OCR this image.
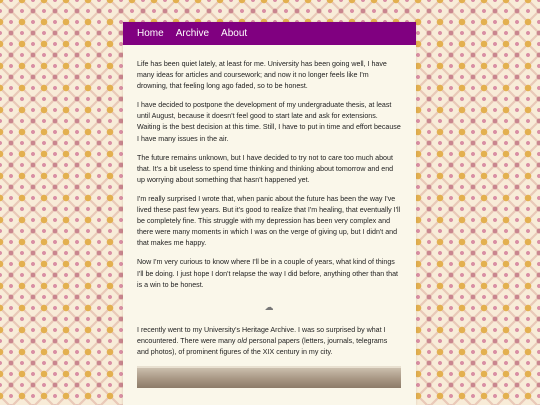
Home Archive About

Life has been quiet lately, at least for me. University has been going well, I have many ideas for articles and coursework; and now it no longer feels like I'm drowning, that feeling long ago faded, so to be honest.

I have decided to postpone the development of my undergraduate thesis, at least until August, because it doesn't feel good to start late and ask for extensions. Waiting is the best decision at this time. Still, I have to put in time and effort because I have many issues in the air.

The future remains unknown, but I have decided to try not to care too much about that. It's a bit useless to spend time thinking and thinking about tomorrow and end up worrying about something that hasn't happened yet.

I'm really surprised I wrote that, when panic about the future has been the way I've lived these past few years. But it's good to realize that I'm healing, that eventually I'll be completely fine. This struggle with my depression has been very complex and there were many moments in which I was on the verge of giving up, but I didn't and that makes me happy.

Now I'm very curious to know where I'll be in a couple of years, what kind of things I'll be doing. I just hope I don't relapse the way I did before, anything other than that is a win to be honest.

☁

I recently went to my University's Heritage Archive. I was so surprised by what I encountered. There were many old personal papers (letters, journals, telegrams and photos), of prominent figures of the XIX century in my city.
